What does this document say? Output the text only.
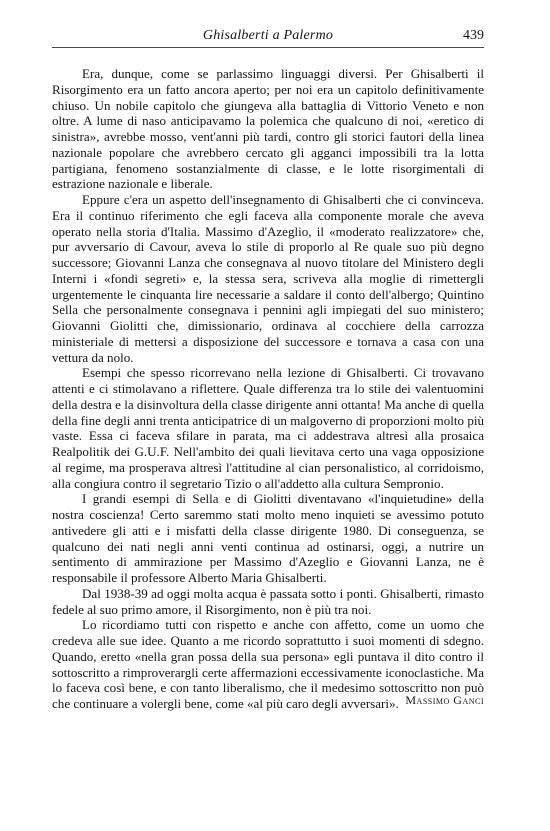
Ghisalberti a Palermo	439

Era, dunque, come se parlassimo linguaggi diversi. Per Ghisalberti il Risorgimento era un fatto ancora aperto; per noi era un capitolo definitivamente chiuso. Un nobile capitolo che giungeva alla battaglia di Vittorio Veneto e non oltre. A lume di naso anticipavamo la polemica che qualcuno di noi, «eretico di sinistra», avrebbe mosso, vent'anni più tardi, contro gli storici fautori della linea nazionale popolare che avrebbero cercato gli agganci impossibili tra la lotta partigiana, fenomeno sostanzialmente di classe, e le lotte risorgimentali di estrazione nazionale e liberale.

Eppure c'era un aspetto dell'insegnamento di Ghisalberti che ci convinceva. Era il continuo riferimento che egli faceva alla componente morale che aveva operato nella storia d'Italia. Massimo d'Azeglio, il «moderato realizzatore» che, pur avversario di Cavour, aveva lo stile di proporlo al Re quale suo più degno successore; Giovanni Lanza che consegnava al nuovo titolare del Ministero degli Interni i «fondi segreti» e, la stessa sera, scriveva alla moglie di rimettergli urgentemente le cinquanta lire necessarie a saldare il conto dell'albergo; Quintino Sella che personalmente consegnava i pennini agli impiegati del suo ministero; Giovanni Giolitti che, dimissionario, ordinava al cocchiere della carrozza ministeriale di mettersi a disposizione del successore e tornava a casa con una vettura da nolo.

Esempi che spesso ricorrevano nella lezione di Ghisalberti. Ci trovavano attenti e ci stimolavano a riflettere. Quale differenza tra lo stile dei valentuomini della destra e la disinvoltura della classe dirigente anni ottanta! Ma anche di quella della fine degli anni trenta anticipatrice di un malgoverno di proporzioni molto più vaste. Essa ci faceva sfilare in parata, ma ci addestrava altresì alla prosaica Realpolitik dei G.U.F. Nell'ambito dei quali lievitava certo una vaga opposizione al regime, ma prosperava altresì l'attitudine al cian personalistico, al corridoismo, alla congiura contro il segretario Tizio o all'addetto alla cultura Sempronio.

I grandi esempi di Sella e di Giolitti diventavano «l'inquietudine» della nostra coscienza! Certo saremmo stati molto meno inquieti se avessimo potuto antivedere gli atti e i misfatti della classe dirigente 1980. Di conseguenza, se qualcuno dei nati negli anni venti continua ad ostinarsi, oggi, a nutrire un sentimento di ammirazione per Massimo d'Azeglio e Giovanni Lanza, ne è responsabile il professore Alberto Maria Ghisalberti.

Dal 1938-39 ad oggi molta acqua è passata sotto i ponti. Ghisalberti, rimasto fedele al suo primo amore, il Risorgimento, non è più tra noi.

Lo ricordiamo tutti con rispetto e anche con affetto, come un uomo che credeva alle sue idee. Quanto a me ricordo soprattutto i suoi momenti di sdegno. Quando, eretto «nella gran possa della sua persona» egli puntava il dito contro il sottoscritto a rimproverargli certe affermazioni eccessivamente iconoclastiche. Ma lo faceva così bene, e con tanto liberalismo, che il medesimo sottoscritto non può che continuare a volergli bene, come «al più caro degli avversari». Massimo Ganci
